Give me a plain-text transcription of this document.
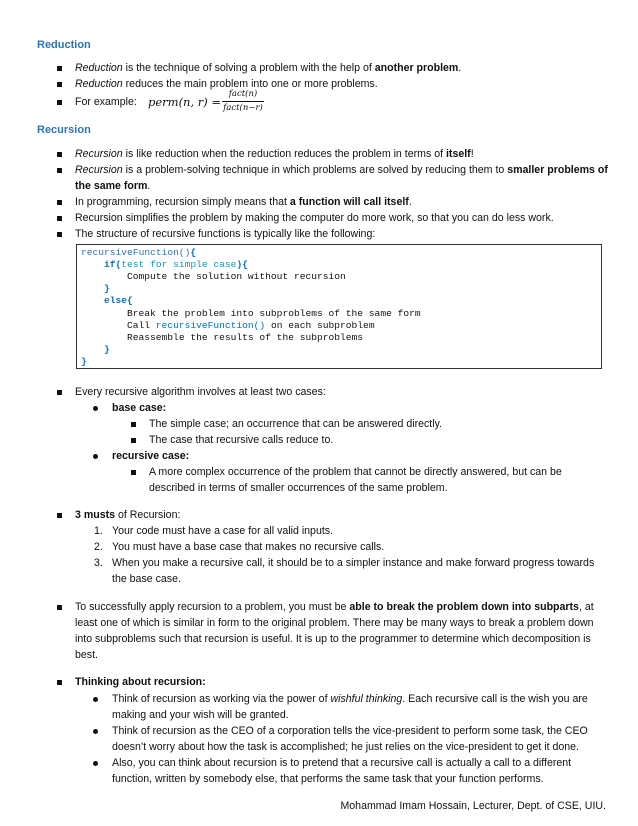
Reduction
Reduction is the technique of solving a problem with the help of another problem.
Reduction reduces the main problem into one or more problems.
For example: perm(n, r) =
fact(n)
fact(n−r)
Recursion
Recursion is like reduction when the reduction reduces the problem in terms of itself!
Recursion is a problem-solving technique in which problems are solved by reducing them to smaller problems of
the same form.
In programming, recursion simply means that a function will call itself.
Recursion simplifies the problem by making the computer do more work, so that you can do less work.
The structure of recursive functions is typically like the following:
recursiveFunction(){
if(test for simple case){
Compute the solution without recursion
}
else{
Break the problem into subproblems of the same form
Call recursiveFunction() on each subproblem
Reassemble the results of the subproblems
}
}
Every recursive algorithm involves at least two cases:
base case:
The simple case; an occurrence that can be answered directly.
The case that recursive calls reduce to.
recursive case:
A more complex occurrence of the problem that cannot be directly answered, but can be
described in terms of smaller occurrences of the same problem.
3 musts of Recursion:
1. Your code must have a case for all valid inputs.
2. You must have a base case that makes no recursive calls.
3. When you make a recursive call, it should be to a simpler instance and make forward progress towards
the base case.
To successfully apply recursion to a problem, you must be able to break the problem down into subparts, at
least one of which is similar in form to the original problem. There may be many ways to break a problem down
into subproblems such that recursion is useful. It is up to the programmer to determine which decomposition is
best.
Thinking about recursion:
Think of recursion as working via the power of wishful thinking. Each recursive call is the wish you are
making and your wish will be granted.
Think of recursion as the CEO of a corporation tells the vice-president to perform some task, the CEO
doesn’t worry about how the task is accomplished; he just relies on the vice-president to get it done.
Also, you can think about recursion is to pretend that a recursive call is actually a call to a different
function, written by somebody else, that performs the same task that your function performs.
Mohammad Imam Hossain, Lecturer, Dept. of CSE, UIU.
